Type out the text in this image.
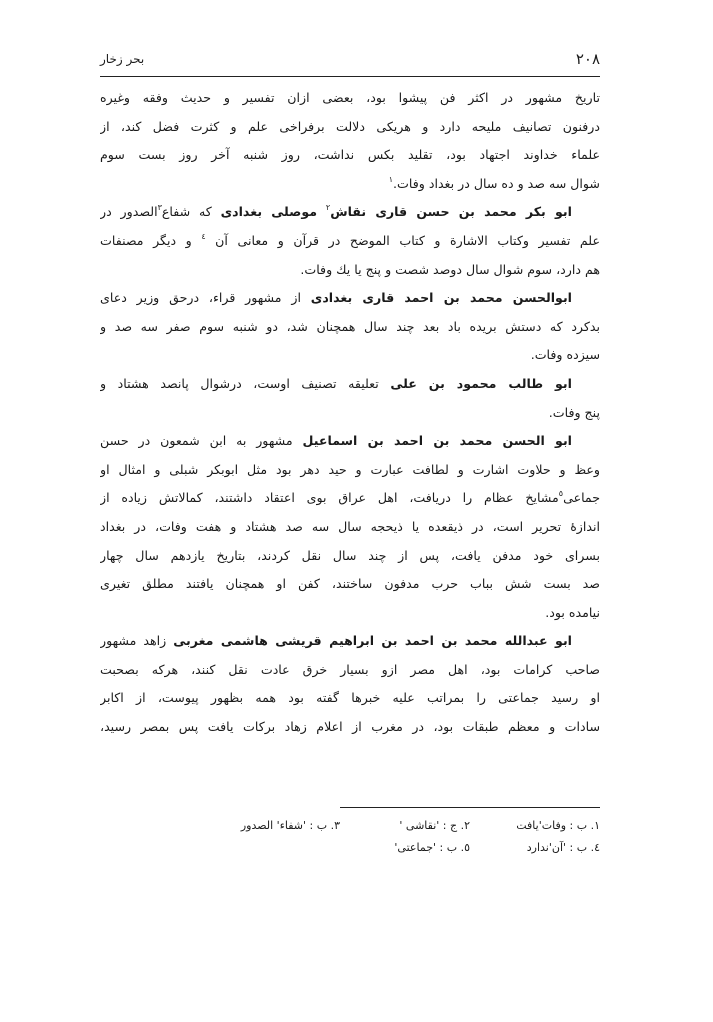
۲۰۸
بحر زخار

تاریخ مشهور در اکثر فن پیشوا بود، بعضی ازان تفسیر و حدیث وفقه وغیره
درفنون تصانیف ملیحه دارد و هریکی دلالت برفراخی علم و کثرت فضل کند، از
علماء خداوند اجتهاد بود، تقلید بکس نداشت، روز شنبه آخر روز بست سوم
شوال سه صد و ده سال در بغداد وفات.$^۱$

ابو بکر محمد بن حسن قاری نقاش$^۲$ موصلی بغدادی که شفاع$^۳$الصدور در
علم تفسیر وکتاب الاشارة و کتاب الموضح در قرآن و معانی آن $^٤$ و دیگر مصنفات
هم دارد، سوم شوال سال دوصد شصت و پنج یا یك وفات.

ابوالحسن محمد بن احمد قاری بغدادی از مشهور قراء، درحق وزیر دعای
بدکرد که دستش بریده باد بعد چند سال همچنان شد، دو شنبه سوم صفر سه صد و
سیزده وفات.

ابو طالب محمود بن علی تعلیقه تصنیف اوست، درشوال پانصد هشتاد و
پنج وفات.

ابو الحسن محمد بن احمد بن اسماعیل مشهور به ابن شمعون در حسن
وعظ و حلاوت اشارت و لطافت عبارت و حید دهر بود مثل ابوبکر شبلی و امثال او
جماعی$^٥$مشایخ عظام را دریافت، اهل عراق بوی اعتقاد داشتند، کمالاتش زیاده از
اندازهٔ تحریر است، در ذیقعده یا ذیحجه سال سه صد هشتاد و هفت وفات، در بغداد
بسرای خود مدفن یافت، پس از چند سال نقل کردند، بتاریخ یازدهم سال چهار
صد بست شش بباب حرب مدفون ساختند، کفن او همچنان یافتند مطلق تغیری
نیامده بود.

ابو عبدالله محمد بن احمد بن ابراهیم قریشی هاشمی مغربی زاهد مشهور
صاحب کرامات بود، اهل مصر ازو بسیار خرق عادت نقل کنند، هرکه بصحبت
او رسید جماعتی را بمراتب علیه خبرها گفته بود همه بظهور پیوست، از اکابر
سادات و معظم طبقات بود، در مغرب از اعلام زهاد برکات یافت پس بمصر رسید،

۱. ب : وفات'یافت
۲. ج : 'نقاشی '
۳. ب : 'شفاء' الصدور
٤. ب : 'آن'ندارد
٥. ب : 'جماعتی'
